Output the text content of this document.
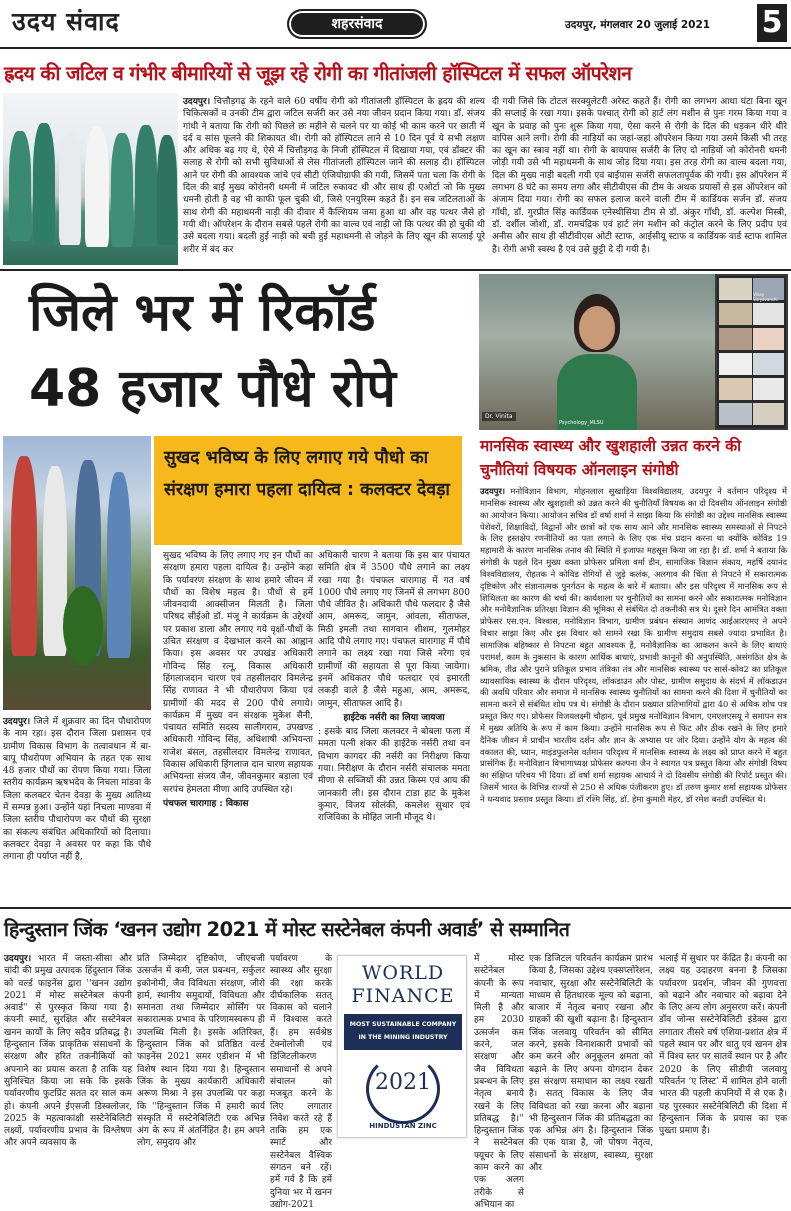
उदय संवाद	शहरसंवाद	उदयपुर, मंगलवार 20 जुलाई 2021 5
ह्रदय की जटिल व गंभीर बीमारियों से जूझ रहे रोगी का गीतांजली हॉस्पिटल में सफल ऑपरेशन
उदयपुर। चित्तौड़गढ़ के रहने वाले 60 वर्षीय रोगी को गीतांजली हॉस्पिटल के ह्रदय की शल्य चिकित्सकों व उनकी टीम द्वारा जटिल सर्जरी कर उसे नया जीवन प्रदान किया गया। डॉ. संजय गांधी ने बताया कि रोगी को पिछले छः महीने से चलने पर या कोई भी काम करने पर छाती में दर्द व सांस फूलने की शिकायत थी। रोगी को हॉस्पिटल लाने से 10 दिन पूर्व ये सभी लक्षण और अधिक बढ़ गए थे, ऐसे में चित्तौड़गढ़ के निजी हॉस्पिटल में दिखाया गया, एवं डॉक्टर की सलाह से रोगी को सभी सुविधाओं से लेस गीतांजली हॉस्पिटल जाने की सलाह दी। हॉस्पिटल आने पर रोगी की आवश्यक जांचे एवं सीटी एंजियोग्राफी की गयी, जिसमें पता चला कि रोगी के दिल की बाईं मुख्य कोरोनरी धमनी में जटिल रुकावट थी और साथ ही एओर्टा जो कि मुख्य धमनी होती है वह भी काफी फूल चुकी थी, जिसे एनयुरिस्म कहते हैं। इन सब जटिलताओं के साथ रोगी की महाधमनी नाड़ी की दीवार में कैल्शियम जमा हुआ था और वह पत्थर जैसे हो गयी थी। ऑपरेशन के दौरान सबसे पहले रोगी का वाल्व एवं नाड़ी जो कि पत्थर की हो चुकी थी उसे बदला गया। बदली हुई नाड़ी को बची हुई महाधमनी से जोड़ने के लिए खून की सप्लाई पूरे शरीर में बंद कर
दी गयी जिसे कि टोटल सरक्युलेटरी अरेस्ट कहते हैं। रोगी का लगभग आधा घंटा बिना खून की सप्लाई के रखा गया। इसके पश्चात् रोगी को हार्ट लंग मशीन से पुनः गरम किया गया व खून के प्रवाह को पुनः शुरू किया गया, ऐसा करने से रोगी के दिल की धड़कन धीरे धीरे वापिस आने लगी। रोगी की नाड़ियों का जहां-जहां ऑपरेशन किया गया उसमे किसी भी तरह का खून का स्त्राव नहीं था। रोगी के बायपास सर्जरी के लिए दो नाड़ियों जो कोरोनरी धमनी जोड़ी गयी उसे भी महाधमनी के साथ जोड़ दिया गया। इस तरह रोगी का वाल्व बदला गया, दिल की मुख्य नाड़ी बदली गयी एवं बाईपास सर्जरी सफलतापूर्वक की गयी। इस ऑपरेशन में लगभग 8 घंटे का समय लगा और सीटीवीएस की टीम के अथक प्रयासों से इस ऑपरेशन को अंजाम दिया गया। रोगी का सफल इलाज करने वाली टीम में कार्डियक सर्जन डॉ. संजय गाँधी, डॉ. गुरप्रीत सिंह कार्डियक एनेस्थीसिया टीम से डॉ. अंकुर गाँधी, डॉ. कल्पेश मिस्त्री, डॉ. दर्शील जोशी, डॉ. रामचंद्रिक एवं हार्ट लंग मशीन को कंट्रोल करने के लिए प्रदीप एवं अनीस और साथ ही सीटीवीएस ओटी स्टाफ, आईसीयू स्टाफ व कार्डियक वार्ड स्टाफ शामिल है। रोगी अभी स्वस्थ है एवं उसे छुट्टी दे दी गयी है।
जिले भर में रिकॉर्ड
48 हजार पौधे रोपे
सुखद भविष्य के लिए लगाए गये पौधो का संरक्षण हमारा पहला दायित्व : कलक्टर देवड़ा
उदयपुर। जिले में शुक्रवार का दिन पौधारोपण के नाम रहा। इस दौरान जिला प्रशासन एवं ग्रामीण विकास विभाग के तत्वावधान में बा-बापू पौधरोपण अभियान के तहत एक साथ 48 हजार पौधों का रोपण किया गया। जिला स्तरीय कार्यक्रम ऋषभदेव के निचला मांडवा के जिला कलक्टर चेतन देवड़ा के मुख्य आतिथ्य में सम्पन्न हुआ। उन्होंने यहां निचला माण्डवा में जिला स्तरीय पौधारोपण कर पौधों की सुरक्षा का संकल्प संबंधित अधिकारियों को दिलाया। कलक्टर देवड़ा ने अवसर पर कहा कि पौधे लगाना ही पर्याप्त नहीं है,
सुखद भविष्य के लिए लगाए गए इन पौधों का संरक्षण हमारा पहला दायित्व है। उन्होंने कहा कि पर्यावरण संरक्षण के साथ हमारे जीवन में पौधों का विशेष महत्व है। पौधों से हमें जीवनदायी आक्सीजन मिलती है। जिला परिषद सीईओ डॉ. मंजू ने कार्यक्रम के उद्देश्यों पर प्रकाश डाला और लगाए गये वृक्षों-पौधों के उचित संरक्षण व देखभाल करने का आह्वान किया। इस अवसर पर उपखंड अधिकारी गोविन्द सिंह रत्नू, विकास अधिकारी हिंगलाजदान चारण एवं तहसीलदार विमलेन्द्र सिंह राणावत ने भी पौधारोपण किया एवं ग्रामीणों की मदद से 200 पौधे लगाये। कार्यक्रम में मुख्य वन संरक्षक मुकेश सैनी, पंचायत समिति सदस्य सालीगराम, उपखण्ड अधिकारी गोविन्द सिंह, अधिशाषी अभियन्ता राजेश बंसल, तहसीलदार विमलेन्द्र राणावत, विकास अधिकारी हिंगलाज दान चारण सहायक अभियन्ता संजय जैन, जीवनकुमार बड़ाला एवं सरपंच हेमलता मीणा आदि उपस्थित रहे।
पंचफल चारागाह : विकास
अधिकारी चारण ने बताया कि इस बार पंचायत समिति क्षेत्र में 3500 पौधे लगाने का लक्ष्य रखा गया है। पंचफल चारागाह में गत वर्ष 1000 पौधे लगाए गए जिनमें से लगभग 800 पौधे जीवित है। अधिकारी पौधे फलदार है जैसे आम, अमरूद, जामुन, आंवला, सीताफल, मिठी इमली तथा सागवान शीशम, गुलमोहर आदि पौधे लगाए गए। पंचफल चारागाह में पौधे लगाने का लक्ष्य रखा गया जिसे नरेगा एवं ग्रामीणों की सहायता से पूरा किया जायेगा। इनमें अधिकतर पौधे फलदार एवं इमारती लकड़ी वाले है जैसे महुआ, आम, अमरूद, जामुन, सीताफल आदि है।
हाईटेक नर्सरी का लिया जायजा
: इसके बाद जिला कलक्टर ने बोबला फला में ममता पत्नी शंकर की हाईटेक नर्सरी तथा वन विभाग कागदर की नर्सरी का निरीक्षण किया गया। निरीक्षण के दौरान नर्सरी संचालक ममता मीणा से सब्जियों की उन्नत किस्म एवं आय की जानकारी ली। इस दौरान टाडा हाट के मुकेश कुमार, विजय सोलंकी, कमलेश सुथार एवं राजिविका के मोहित जानी मौजूद थे।
Dr. Vinita
Psychology_MLSU
Vinay Suryavanshi
मानसिक स्वास्थ्य और खुशहाली उन्नत करने की चुनौतियां विषयक ऑनलाइन संगोष्ठी
उदयपुर। मनोविज्ञान विभाग, मोहनलाल सुखाड़िया विश्वविद्यालय, उदयपुर ने वर्तमान परिदृश्य में मानसिक स्वास्थ्य और खुशहाली को उन्नत करने की चुनौतियाँ विषयक का दो दिवसीय ऑनलाइन संगोष्ठी का आयोजन किया। आयोजन सचिव डॉ वर्षा शर्मा ने साझा किया कि संगोष्ठी का उद्देश्य मानसिक स्वास्थ्य पेशेवरों, शिक्षाविदों, विद्वानों और छात्रों को एक साथ आने और मानसिक स्वास्थ्य समस्याओं से निपटने के लिए हस्तक्षेप रणनीतियों का पता लगाने के लिए एक मंच प्रदान करना था क्योंकि कोविड 19 महामारी के कारण मानसिक तनाव की स्थिति में इजाफा महसूस किया जा रहा है। डॉ. शर्मा ने बताया कि संगोष्ठी के पहले दिन मुख्य वक्ता प्रोफेसर प्रमिला वर्मा डीन, सामाजिक विज्ञान संकाय, महर्षि दयानंद विश्वविद्यालय, रोहतक ने कोविड रोगियों से जुड़े कलंक, अलगाव की चिंता से निपटने में सकारात्मक दृष्टिकोण और संज्ञानात्मक पुनर्गठन के महत्व के बारे में बताया। और इस परिदृश्य में मानसिक रूप से शिथिलता का कारण की चर्चा की। कार्यशाला पर चुनौतियों का सामना करने और सकारात्मक मनोविज्ञान और मनोवैज्ञानिक प्रतिरक्षा विज्ञान की भूमिका से संबंधित दो तकनीकी सत्र थे। दूसरे दिन आमंत्रित वक्ता प्रोफेसर एस.एन. विश्वास, मनोविज्ञान विभाग, ग्रामीण प्रबंधन संस्थान आणंद आईआरएमए ने अपने विचार साझा किए और इस विचार को सामने रखा कि ग्रामीण समुदाय सबसे ज्यादा प्रभावित है। सामाजिक बहिष्कार से निपटना बहुत आवश्यक है, मनोवैज्ञानिक का आकलन करने के लिए बाधाएं परामर्श, काम के नुकसान के कारण आर्थिक बाधाएं, प्रभावी कानूनों की अनुपस्थिति, असंगठित क्षेत्र के श्रमिक, तीव्र और पुराने प्रतिकूल प्रभाव तंत्रिका तंत्र और मानसिक स्वास्थ्य पर सार्स-कोव2 का प्रतिकूल व्यावसायिक स्वास्थ्य के दौरान परिदृश्य, लॉकडाउन और पोस्ट, ग्रामीण समुदाय के संदर्भ में लॉकडाउन की अवधि परिवार और समाज में मानसिक स्वास्थ्य चुनौतियों का सामना करने की दिशा में चुनौतियों का सामना करने से संबंधित शोध पत्र थे। संगोष्ठी के दौरान प्रख्यात प्रतिभागियों द्वारा 40 से अधिक शोध पत्र प्रस्तुत किए गए। प्रोफेसर विजयलक्ष्मी चौहान, पूर्व प्रमुख मनोविज्ञान विभाग, एमएलएसयू ने समापन सत्र में मुख्य अतिथि के रूप में काम किया। उन्होंने मानसिक रूप से फिट और ठीक रखने के लिए हमारे दैनिक जीवन में प्राचीन भारतीय दर्शन और ज्ञान के अभ्यास पर जोर दिया। उन्होंने योग के महत्व की वकालत की, ध्यान, माइंडफुलनेस वर्तमान परिदृश्य में मानसिक स्वास्थ्य के लक्ष्य को प्राप्त करने में बहुत प्रासंगिक हैं। मनोविज्ञान विभागाध्यक्ष प्रोफेसर कल्पना जैन ने स्वागत पत्र प्रस्तुत किया और संगोष्ठी विषय का संक्षिप्त परिचय भी दिया। डॉ वर्षा शर्मा सहायक आचार्य ने दो दिवसीय संगोष्ठी की रिपोर्ट प्रस्तुत की। जिसमें भारत के विभिन्न राज्यों से 250 से अधिक पंजीकरण हुए। डॉ तरुण कुमार शर्मा सहायक प्रोफेसर ने धन्यवाद प्रस्ताव प्रस्तुत किया। डॉ रश्मि सिंह, डॉ. हेमा कुमारी मेहर, डॉ रमेश बनडी उपस्थित थे।
हिन्दुस्तान जिंक ‘खनन उद्योग 2021 में मोस्ट सस्टेनेबल कंपनी अवार्ड’ से सम्मानित
उदयपुर। भारत में जस्ता-सीसा और चांदी की प्रमुख उत्पादक हिंदुस्तान जिंक को वर्ल्ड फाइनेंस द्वारा ''खनन उद्योग 2021 में मोस्ट सस्टेनेबल कंपनी अवार्ड'' से पुरस्कृत किया गया है। कंपनी स्मार्ट, सुरक्षित और सस्टेनेबल खनन कार्यों के लिए सदैव प्रतिबद्ध है। हिन्दुस्तान जिंक प्राकृतिक संसाधनों के संरक्षण और हरित तकनीकियों को अपनाने का प्रयास करता है ताकि यह सुनिश्चित किया जा सके कि इसके पर्यावरणीय फुटप्रिंट सतत दर साल कम हो। कंपनी अपने ईएसजी डिस्क्लोजर, 2025 के महत्वाकांक्षी सस्टेनेबिलिटी लक्ष्यों, पर्यावरणीय प्रभाव के विश्लेषण और अपने व्यवसाय के
प्रति जिम्मेदार दृष्टिकोण, जीएचजी उत्सर्जन में कमी, जल प्रबन्धन, सर्कुलर इकोनोमी, जैव विविधता संरक्षण, जीरो हार्म, स्थानीय समुदायों, विविधता और समानता तथा जिम्मेदार सोर्सिंग पर सकारात्मक प्रभाव के परिणामस्वरूप ही उपलब्धि मिली है। इसके अतिरिक्त, हिन्दुस्तान जिंक को प्रतिष्ठित वर्ल्ड फाइनेंस 2021 समर एडीशन में भी विशेष स्थान दिया गया है। हिन्दुस्तान जिंक के मुख्य कार्यकारी अधिकारी अरूण मिश्रा ने इस उपलब्धि पर कहा कि ''हिन्दुस्तान जिंक में हमारी कार्य संस्कृति में सस्टेनेबिलिटी एक अभिन्न अंग के रूप में अंतर्निहित है। हम अपने लोग, समुदाय और
पर्यावरण के स्वास्थ्य और सुरक्षा की रक्षा करके दीर्घकालिक सतत् विकास को चलाने में विश्वास करते हैं। हम सर्वश्रेष्ठ टेक्नोलोजी एवं डिजिटलीकरण समाधानों से अपने संचालन को मजबूत करने के लिए लगातार निवेश करते रहे हैं ताकि हम एक स्मार्ट और सस्टेनेबल वैश्विक संगठन बने रहें। हमें गर्व है कि हमें दुनिया भर में खनन उद्योग-2021
WORLD
FINANCE
MOST SUSTAINABLE COMPANY IN THE MINING INDUSTRY
2021
HINDUSTAN ZINC
में मोस्ट सस्टेनेबल कंपनी के रूप में मान्यता मिली है और हम 2030 उत्सर्जन कम करने, जल संरक्षण और जैव विविधता प्रबन्धन के लिए नेतृत्व बनाये रखने के लिए प्रतिबद्ध है।'' हिन्दुस्तान जिंक ने सस्टेनेबल फ्यूचर के लिए काम करने का एक अलग तरीके से अभियान का
एक डिजिटल परिवर्तन कार्यक्रम प्रारंभ किया है, जिसका उद्देश्य एक्सप्लोरेशन, नवाचार, सुरक्षा और सस्टेनेबिलिटी के माध्यम से हितधारक मूल्य को बढ़ाना, बाजार में नेतृत्व बनाए रखना और ग्राहकों की खुशी बढ़ाना है। हिन्दुस्तान जिंक जलवायु परिवर्तन को सीमित करने, इसके विनाशकारी प्रभावों को कम करने और अनुकूलन क्षमता को बढ़ाने के लिए अपना योगदान देकर इस संरक्षण समाधान का लक्ष्य रखती है। सतत् विकास के लिए जैव विविधता को रखा करना और बढ़ाना भी हिन्दुस्तान जिंक की प्रतिबद्धता का एक अभिन्न अंग है। हिन्दुस्तान जिंक की एक यात्रा है, जो पोषण नेतृत्व, संसाधनों के संरक्षण, स्वास्थ्य, सुरक्षा और
भलाई में सुधार पर केंद्रित है। कंपनी का लक्ष्य यह उदाहरण बनना है जिसका पर्यावरण प्रदर्शन, जीवन की गुणवत्ता को बढ़ाने और नवाचार को बढ़ावा देने के लिए अन्य लोग अनुसरण करें। कंपनी डॉव जोन्स सस्टेनेबिलिटी इंडेक्स द्वारा लगातार तीसरे वर्ष एशिया-प्रशांत क्षेत्र में पहले स्थान पर और धातु एवं खनन क्षेत्र में विश्व स्तर पर सातवें स्थान पर है और 2020 के लिए सीडीपी जलवायु परिवर्तन ‘ए लिस्ट’ में शामिल होने वाली भारत की पहली कंपनियों में से एक है। यह पुरस्कार सस्टेनेबिलिटी की दिशा में हिन्दुस्तान जिंक के प्रयास का एक पुख्ता प्रमाण है।
